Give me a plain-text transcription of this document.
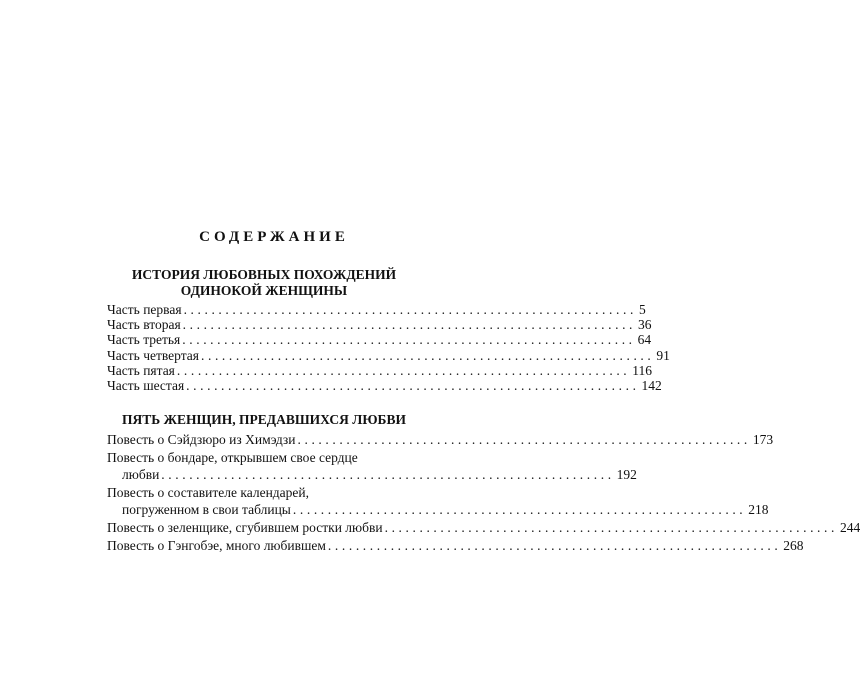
СОДЕРЖАНИЕ
ИСТОРИЯ ЛЮБОВНЫХ ПОХОЖДЕНИЙ
ОДИНОКОЙ ЖЕНЩИНЫ
Часть первая ................................................................. 5
Часть вторая ................................................................. 36
Часть третья ................................................................. 64
Часть четвертая ................................................................. 91
Часть пятая ................................................................. 116
Часть шестая ................................................................. 142
ПЯТЬ ЖЕНЩИН, ПРЕДАВШИХСЯ ЛЮБВИ
Повесть о Сэйдзюро из Химэдзи ................................................................. 173
Повесть о бондаре, открывшем свое сердце
любви ................................................................. 192
Повесть о составителе календарей,
погруженном в свои таблицы ................................................................. 218
Повесть о зеленщике, сгубившем ростки любви ................................................................. 244
Повесть о Гэнгобэе, много любившем ................................................................. 268
